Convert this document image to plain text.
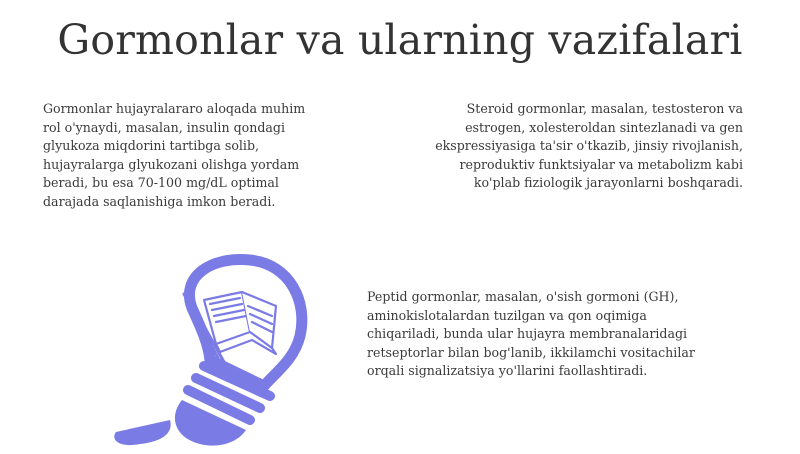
Gormonlar va ularning vazifalari

Gormonlar hujayralararo aloqada muhim
rol o'ynaydi, masalan, insulin qondagi
glyukoza miqdorini tartibga solib,
hujayralarga glyukozani olishga yordam
beradi, bu esa 70-100 mg/dL optimal
darajada saqlanishiga imkon beradi.

Steroid gormonlar, masalan, testosteron va
estrogen, xolesteroldan sintezlanadi va gen
ekspressiyasiga ta'sir o'tkazib, jinsiy rivojlanish,
reproduktiv funktsiyalar va metabolizm kabi
ko'plab fiziologik jarayonlarni boshqaradi.

Peptid gormonlar, masalan, o'sish gormoni (GH),
aminokislotalardan tuzilgan va qon oqimiga
chiqariladi, bunda ular hujayra membranalaridagi
retseptorlar bilan bog'lanib, ikkilamchi vositachilar
orqali signalizatsiya yo'llarini faollashtiradi.
